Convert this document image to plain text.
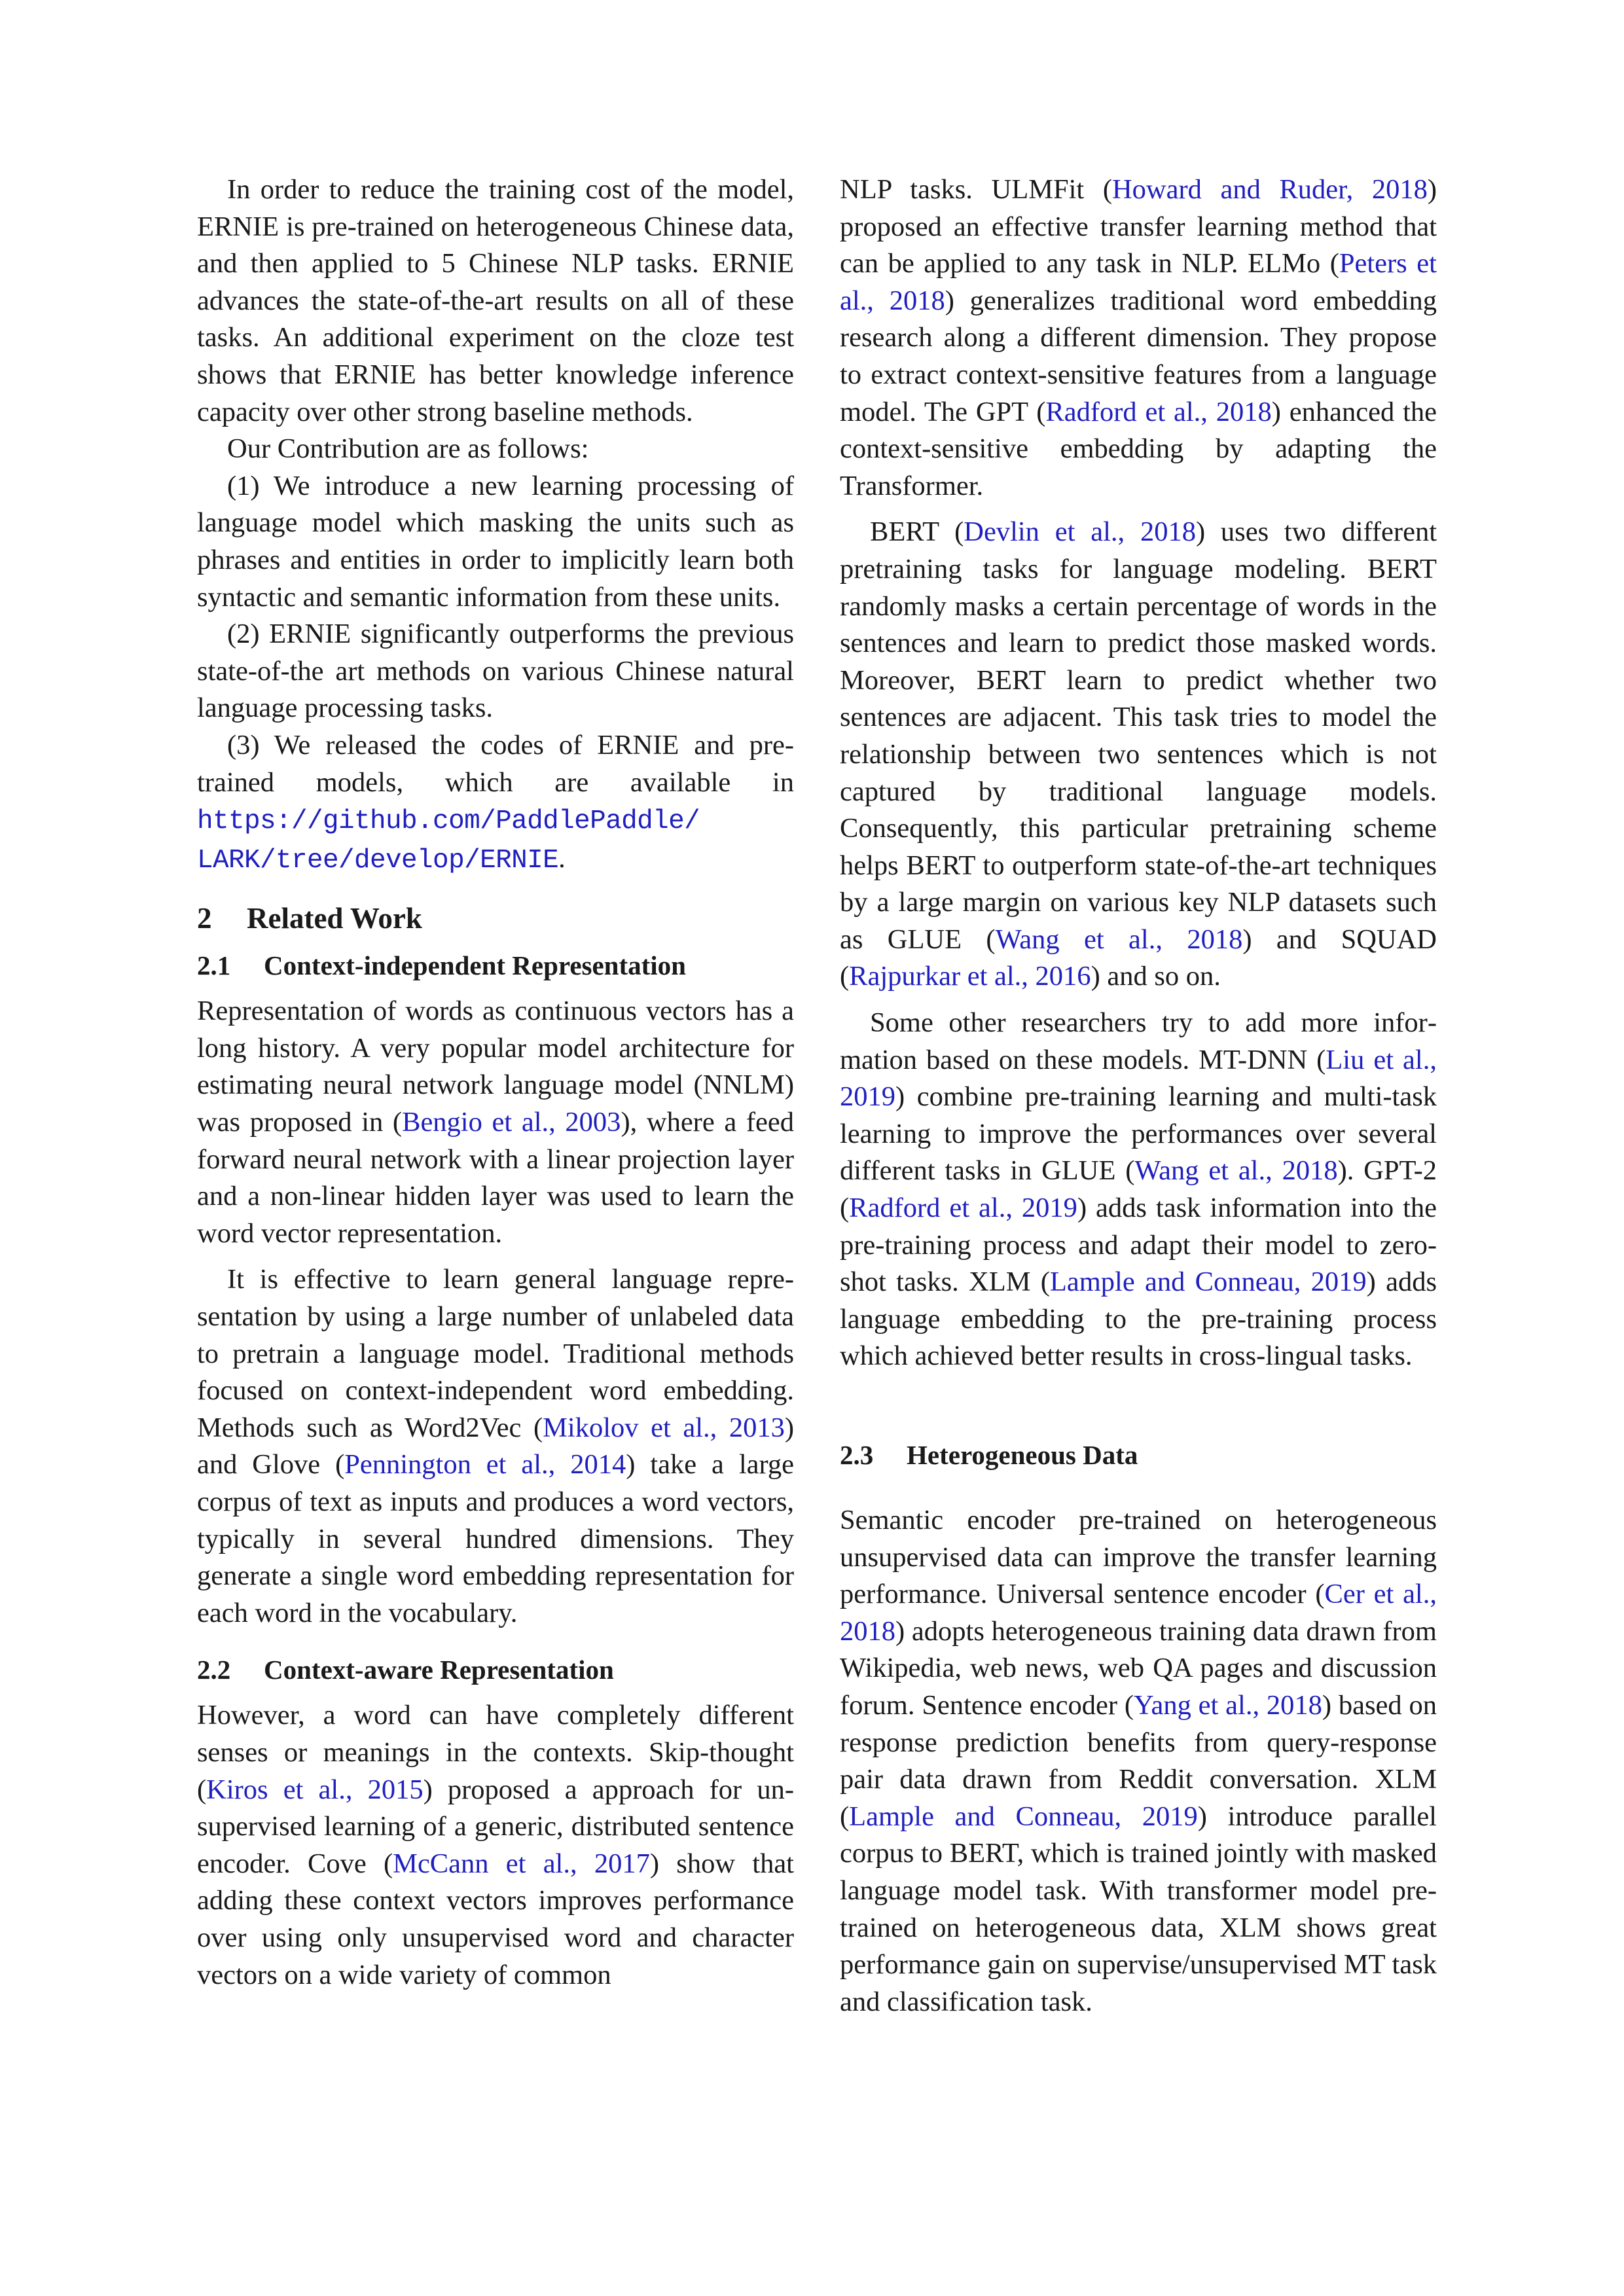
In order to reduce the training cost of the model, ERNIE is pre-trained on heterogeneous Chinese data, and then applied to 5 Chinese NLP tasks. ERNIE advances the state-of-the-art results on all of these tasks. An additional experiment on the cloze test shows that ERNIE has better knowledge inference capacity over other strong baseline methods.

Our Contribution are as follows:

(1) We introduce a new learning processing of language model which masking the units such as phrases and entities in order to implicitly learn both syntactic and semantic information from these units.

(2) ERNIE significantly outperforms the previous state-of-the art methods on various Chinese natural language processing tasks.

(3) We released the codes of ERNIE and pre-trained models, which are available in https://github.com/PaddlePaddle/ LARK/tree/develop/ERNIE.

2 Related Work
2.1 Context-independent Representation

Representation of words as continuous vectors has a long history. A very popular model architecture for estimating neural network language model (NNLM) was proposed in (Bengio et al., 2003), where a feed forward neural network with a linear projection layer and a non-linear hidden layer was used to learn the word vector representation.

It is effective to learn general language representation by using a large number of unlabeled data to pretrain a language model. Traditional methods focused on context-independent word embedding. Methods such as Word2Vec (Mikolov et al., 2013) and Glove (Pennington et al., 2014) take a large corpus of text as inputs and produces a word vectors, typically in several hundred dimensions. They generate a single word embedding representation for each word in the vocabulary.

2.2 Context-aware Representation

However, a word can have completely different senses or meanings in the contexts. Skip-thought (Kiros et al., 2015) proposed a approach for unsupervised learning of a generic, distributed sentence encoder. Cove (McCann et al., 2017) show that adding these context vectors improves performance over using only unsupervised word and character vectors on a wide variety of common

NLP tasks. ULMFit (Howard and Ruder, 2018) proposed an effective transfer learning method that can be applied to any task in NLP. ELMo (Peters et al., 2018) generalizes traditional word embedding research along a different dimension. They propose to extract context-sensitive features from a language model. The GPT (Radford et al., 2018) enhanced the context-sensitive embedding by adapting the Transformer.

BERT (Devlin et al., 2018) uses two different pretraining tasks for language modeling. BERT randomly masks a certain percentage of words in the sentences and learn to predict those masked words. Moreover, BERT learn to predict whether two sentences are adjacent. This task tries to model the relationship between two sentences which is not captured by traditional language models. Consequently, this particular pretraining scheme helps BERT to outperform state-of-the-art techniques by a large margin on various key NLP datasets such as GLUE (Wang et al., 2018) and SQUAD (Rajpurkar et al., 2016) and so on.

Some other researchers try to add more information based on these models. MT-DNN (Liu et al., 2019) combine pre-training learning and multi-task learning to improve the performances over several different tasks in GLUE (Wang et al., 2018). GPT-2 (Radford et al., 2019) adds task information into the pre-training process and adapt their model to zero-shot tasks. XLM (Lample and Conneau, 2019) adds language embedding to the pre-training process which achieved better results in cross-lingual tasks.

2.3 Heterogeneous Data

Semantic encoder pre-trained on heterogeneous unsupervised data can improve the transfer learning performance. Universal sentence encoder (Cer et al., 2018) adopts heterogeneous training data drawn from Wikipedia, web news, web QA pages and discussion forum. Sentence encoder (Yang et al., 2018) based on response prediction benefits from query-response pair data drawn from Reddit conversation. XLM (Lample and Conneau, 2019) introduce parallel corpus to BERT, which is trained jointly with masked language model task. With transformer model pre-trained on heterogeneous data, XLM shows great performance gain on supervise/unsupervised MT task and classification task.
